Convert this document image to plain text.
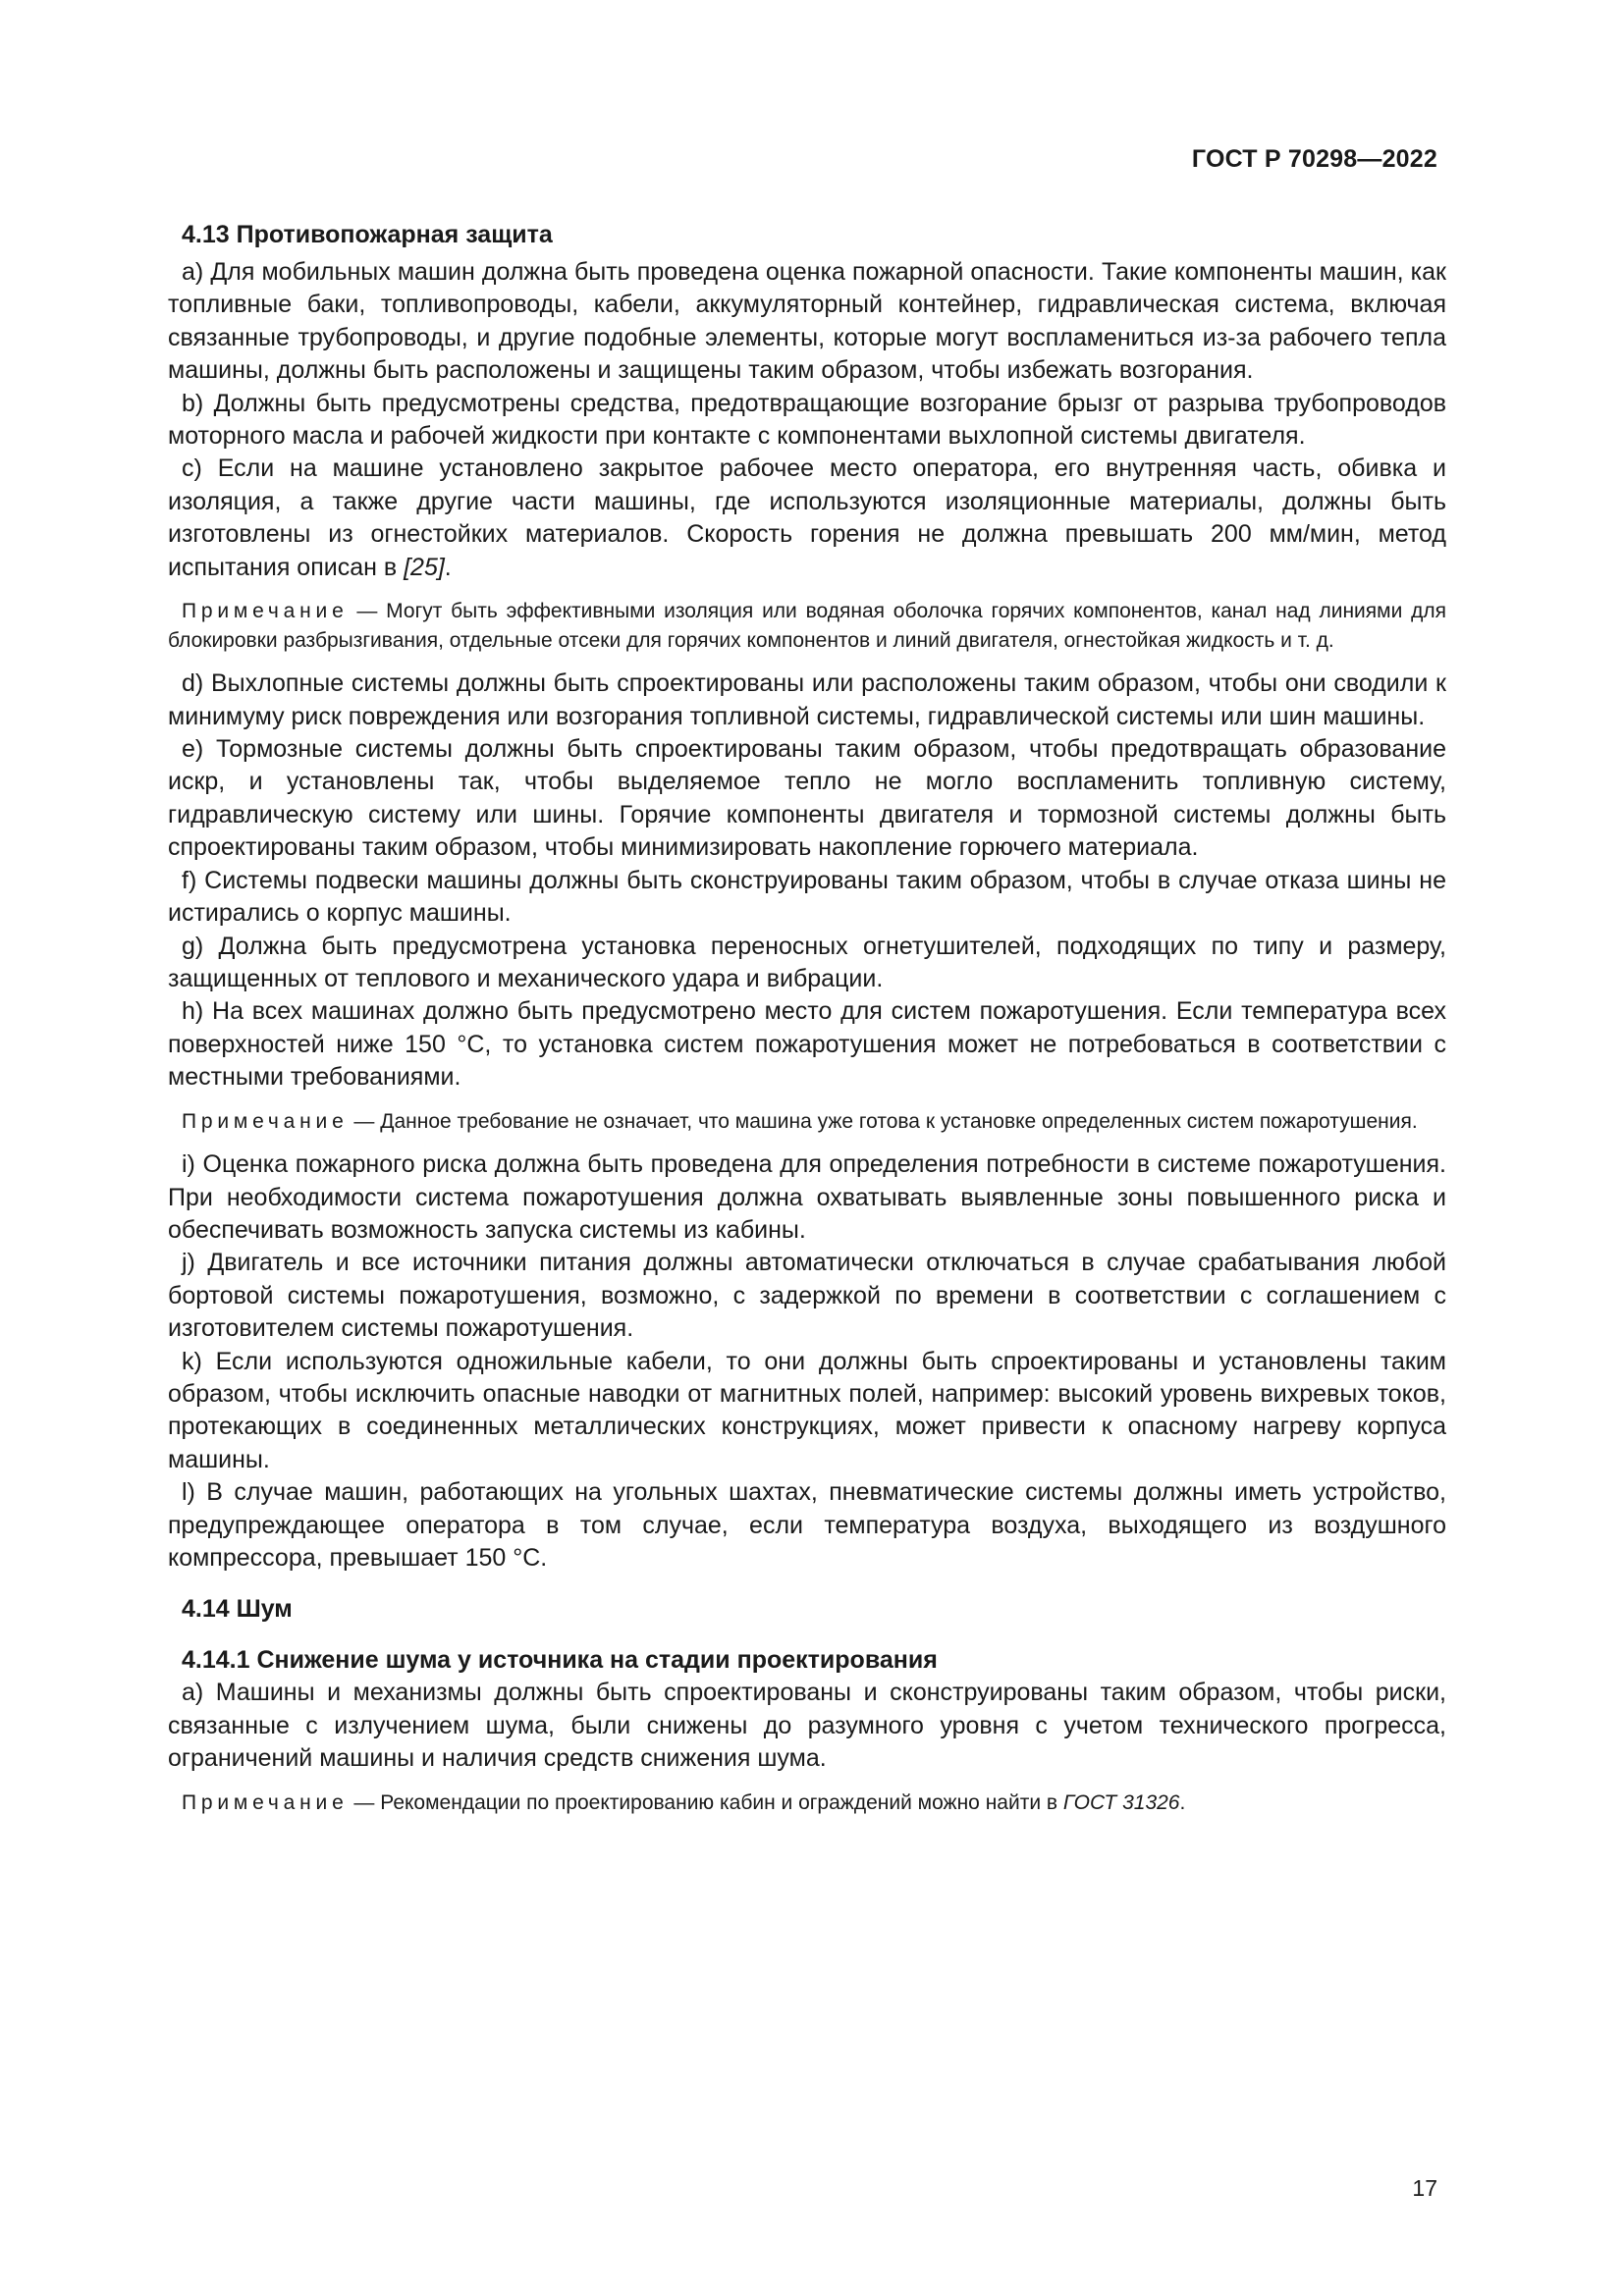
ГОСТ Р 70298—2022
4.13 Противопожарная защита

a) Для мобильных машин должна быть проведена оценка пожарной опасности. Такие компоненты машин, как топливные баки, топливопроводы, кабели, аккумуляторный контейнер, гидравлическая система, включая связанные трубопроводы, и другие подобные элементы, которые могут воспламениться из-за рабочего тепла машины, должны быть расположены и защищены таким образом, чтобы избежать возгорания.

b) Должны быть предусмотрены средства, предотвращающие возгорание брызг от разрыва трубопроводов моторного масла и рабочей жидкости при контакте с компонентами выхлопной системы двигателя.

c) Если на машине установлено закрытое рабочее место оператора, его внутренняя часть, обивка и изоляция, а также другие части машины, где используются изоляционные материалы, должны быть изготовлены из огнестойких материалов. Скорость горения не должна превышать 200 мм/мин, метод испытания описан в [25].

Примечание — Могут быть эффективными изоляция или водяная оболочка горячих компонентов, канал над линиями для блокировки разбрызгивания, отдельные отсеки для горячих компонентов и линий двигателя, огнестойкая жидкость и т. д.

d) Выхлопные системы должны быть спроектированы или расположены таким образом, чтобы они сводили к минимуму риск повреждения или возгорания топливной системы, гидравлической системы или шин машины.

e) Тормозные системы должны быть спроектированы таким образом, чтобы предотвращать образование искр, и установлены так, чтобы выделяемое тепло не могло воспламенить топливную систему, гидравлическую систему или шины. Горячие компоненты двигателя и тормозной системы должны быть спроектированы таким образом, чтобы минимизировать накопление горючего материала.

f) Системы подвески машины должны быть сконструированы таким образом, чтобы в случае отказа шины не истирались о корпус машины.

g) Должна быть предусмотрена установка переносных огнетушителей, подходящих по типу и размеру, защищенных от теплового и механического удара и вибрации.

h) На всех машинах должно быть предусмотрено место для систем пожаротушения. Если температура всех поверхностей ниже 150 °С, то установка систем пожаротушения может не потребоваться в соответствии с местными требованиями.

Примечание — Данное требование не означает, что машина уже готова к установке определенных систем пожаротушения.

i) Оценка пожарного риска должна быть проведена для определения потребности в системе пожаротушения. При необходимости система пожаротушения должна охватывать выявленные зоны повышенного риска и обеспечивать возможность запуска системы из кабины.

j) Двигатель и все источники питания должны автоматически отключаться в случае срабатывания любой бортовой системы пожаротушения, возможно, с задержкой по времени в соответствии с соглашением с изготовителем системы пожаротушения.

k) Если используются одножильные кабели, то они должны быть спроектированы и установлены таким образом, чтобы исключить опасные наводки от магнитных полей, например: высокий уровень вихревых токов, протекающих в соединенных металлических конструкциях, может привести к опасному нагреву корпуса машины.

l) В случае машин, работающих на угольных шахтах, пневматические системы должны иметь устройство, предупреждающее оператора в том случае, если температура воздуха, выходящего из воздушного компрессора, превышает 150 °С.

4.14 Шум
4.14.1 Снижение шума у источника на стадии проектирования

a) Машины и механизмы должны быть спроектированы и сконструированы таким образом, чтобы риски, связанные с излучением шума, были снижены до разумного уровня с учетом технического прогресса, ограничений машины и наличия средств снижения шума.

Примечание — Рекомендации по проектированию кабин и ограждений можно найти в ГОСТ 31326.

17
